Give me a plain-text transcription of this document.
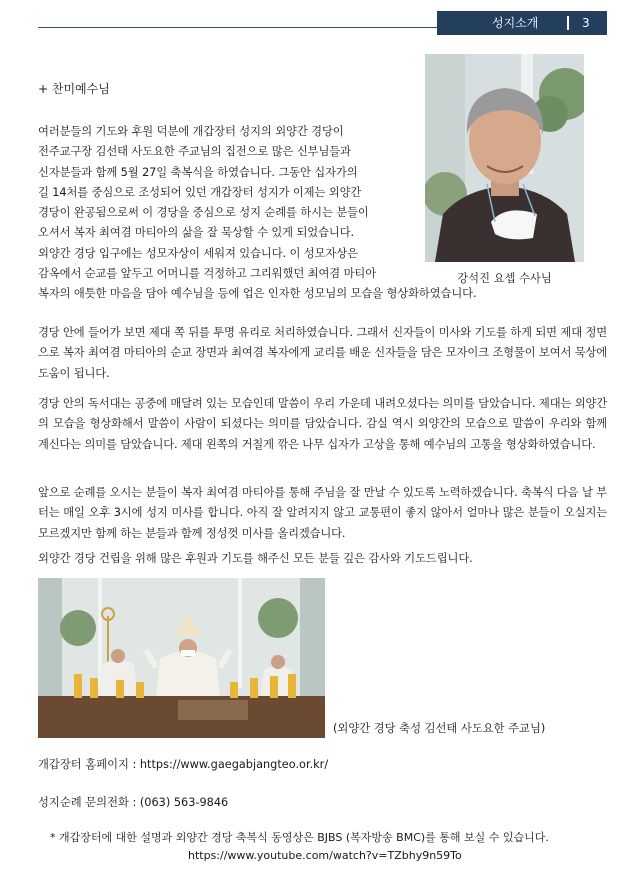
성지소개	3
+ 찬미예수님
여러분들의 기도와 후원 덕분에 개갑장터 성지의 외양간 경당이
전주교구장 김선태 사도요한 주교님의 집전으로 많은 신부님들과
신자분들과 함께 5월 27일 축복식을 하였습니다. 그동안 십자가의
길 14처를 중심으로 조성되어 있던 개갑장터 성지가 이제는 외양간
경당이 완공됨으로써 이 경당을 중심으로 성지 순례를 하시는 분들이
오셔서 복자 최여겸 마티아의 삶을 잘 묵상할 수 있게 되었습니다.
외양간 경당 입구에는 성모자상이 세워져 있습니다. 이 성모자상은
감옥에서 순교를 앞두고 어머니를 걱정하고 그리워했던 최여겸 마티아
복자의 애틋한 마음을 담아 예수님을 등에 업은 인자한 성모님의 모습을 형상화하였습니다.
경당 안에 들어가 보면 제대 쪽 뒤를 투명 유리로 처리하였습니다. 그래서 신자들이 미사와 기도를 하게 되면 제대 정면으로 복자 최여겸 마티아의 순교 장면과 최여겸 복자에게 교리를 배운 신자들을 담은 모자이크 조형물이 보여서 묵상에 도움이 됩니다.
경당 안의 독서대는 공중에 매달려 있는 모습인데 말씀이 우리 가운데 내려오셨다는 의미를 담았습니다. 제대는 외양간의 모습을 형상화해서 말씀이 사람이 되셨다는 의미를 담았습니다. 감실 역시 외양간의 모습으로 말씀이 우리와 함께 계신다는 의미를 담았습니다. 제대 왼쪽의 거칠게 깎은 나무 십자가 고상을 통해 예수님의 고통을 형상화하였습니다.
앞으로 순례를 오시는 분들이 복자 최여겸 마티아를 통해 주님을 잘 만날 수 있도록 노력하겠습니다. 축복식 다음 날 부터는 매일 오후 3시에 성지 미사를 합니다. 아직 잘 알려지지 않고 교통편이 좋지 않아서 얼마나 많은 분들이 오실지는 모르겠지만 함께 하는 분들과 함께 정성껏 미사를 올리겠습니다.
외양간 경당 건립을 위해 많은 후원과 기도를 해주신 모든 분들 깊은 감사와 기도드립니다.
강석진 요셉 수사님
(외양간 경당 축성 김선태 사도요한 주교님)
개갑장터 홈페이지 : https://www.gaegabjangteo.or.kr/
성지순례 문의전화 : (063) 563-9846
* 개갑장터에 대한 설명과 외양간 경당 축복식 동영상은 BJBS (복자방송 BMC)를 통해 보실 수 있습니다.
https://www.youtube.com/watch?v=TZbhy9n59To
